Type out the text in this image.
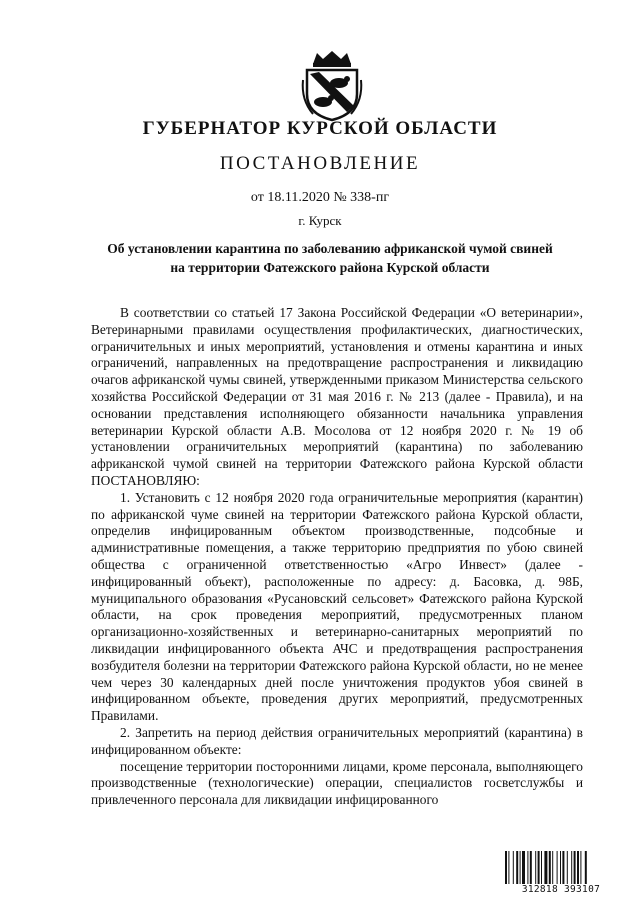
ГУБЕРНАТОР КУРСКОЙ ОБЛАСТИ
ПОСТАНОВЛЕНИЕ
от 18.11.2020 № 338-пг
г. Курск
Об установлении карантина по заболеванию африканской чумой свиней
на территории Фатежского района Курской области

В соответствии со статьей 17 Закона Российской Федерации «О ветеринарии», Ветеринарными правилами осуществления профилактических, диагностических, ограничительных и иных мероприятий, установления и отмены карантина и иных ограничений, направленных на предотвращение распространения и ликвидацию очагов африканской чумы свиней, утвержденными приказом Министерства сельского хозяйства Российской Федерации от 31 мая 2016 г. № 213 (далее - Правила), и на основании представления исполняющего обязанности начальника управления ветеринарии Курской области А.В. Мосолова от 12 ноября 2020 г. № 19 об установлении ограничительных мероприятий (карантина) по заболеванию африканской чумой свиней на территории Фатежского района Курской области ПОСТАНОВЛЯЮ:

1. Установить с 12 ноября 2020 года ограничительные мероприятия (карантин) по африканской чуме свиней на территории Фатежского района Курской области, определив инфицированным объектом производственные, подсобные и административные помещения, а также территорию предприятия по убою свиней общества с ограниченной ответственностью «Агро Инвест» (далее - инфицированный объект), расположенные по адресу: д. Басовка, д. 98Б, муниципального образования «Русановский сельсовет» Фатежского района Курской области, на срок проведения мероприятий, предусмотренных планом организационно-хозяйственных и ветеринарно-санитарных мероприятий по ликвидации инфицированного объекта АЧС и предотвращения распространения возбудителя болезни на территории Фатежского района Курской области, но не менее чем через 30 календарных дней после уничтожения продуктов убоя свиней в инфицированном объекте, проведения других мероприятий, предусмотренных Правилами.

2. Запретить на период действия ограничительных мероприятий (карантина) в инфицированном объекте:

посещение территории посторонними лицами, кроме персонала, выполняющего производственные (технологические) операции, специалистов госветслужбы и привлеченного персонала для ликвидации инфицированного

312818 393107
